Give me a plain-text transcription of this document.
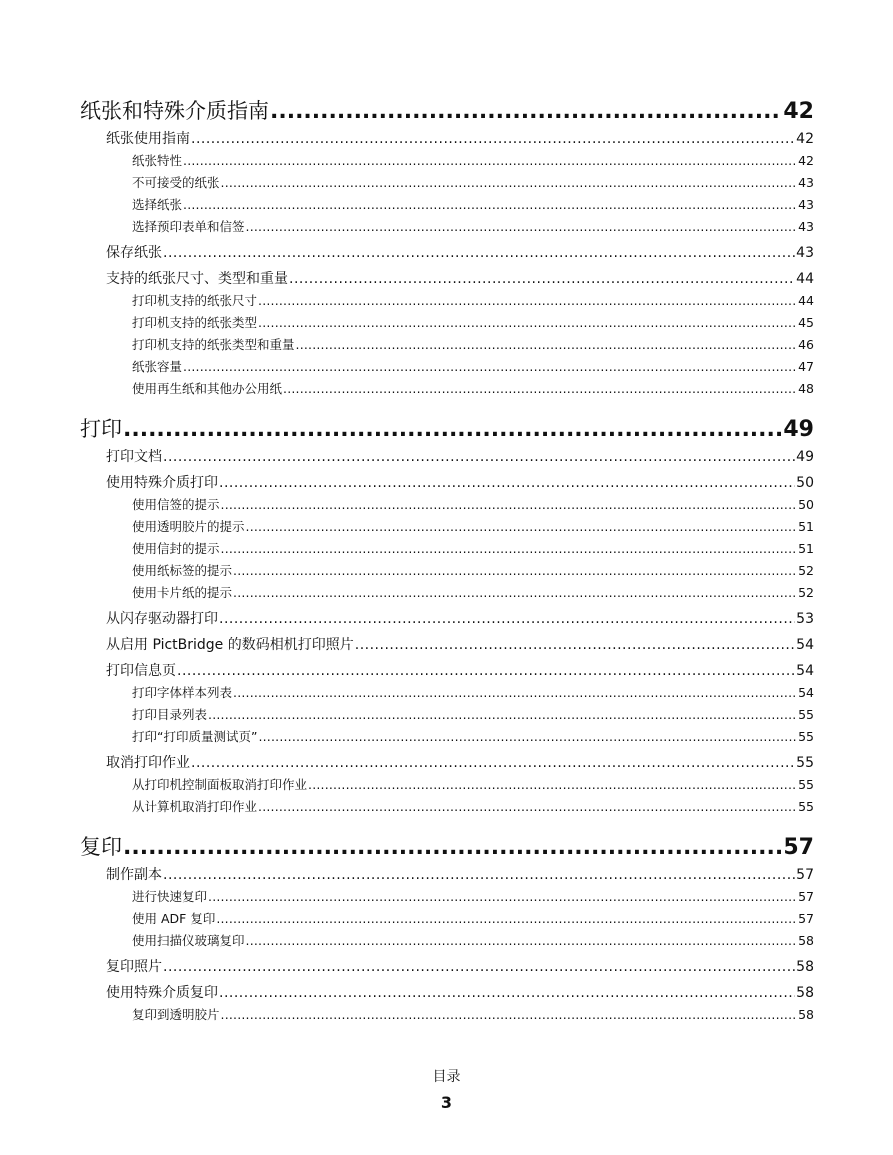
纸张和特殊介质指南 .....	42
纸张使用指南 .....	42
纸张特性 .....	42
不可接受的纸张 .....	43
选择纸张 .....	43
选择预印表单和信签 .....	43
保存纸张 .....	43
支持的纸张尺寸、类型和重量 .....	44
打印机支持的纸张尺寸 .....	44
打印机支持的纸张类型 .....	45
打印机支持的纸张类型和重量 .....	46
纸张容量 .....	47
使用再生纸和其他办公用纸 .....	48
打印 .....	49
打印文档 .....	49
使用特殊介质打印 .....	50
使用信签的提示 .....	50
使用透明胶片的提示 .....	51
使用信封的提示 .....	51
使用纸标签的提示 .....	52
使用卡片纸的提示 .....	52
从闪存驱动器打印 .....	53
从启用 PictBridge 的数码相机打印照片 .....	54
打印信息页 .....	54
打印字体样本列表 .....	54
打印目录列表 .....	55
打印“打印质量测试页” .....	55
取消打印作业 .....	55
从打印机控制面板取消打印作业 .....	55
从计算机取消打印作业 .....	55
复印 .....	57
制作副本 .....	57
进行快速复印 .....	57
使用 ADF 复印 .....	57
使用扫描仪玻璃复印 .....	58
复印照片 .....	58
使用特殊介质复印 .....	58
复印到透明胶片 .....	58
目录
3
